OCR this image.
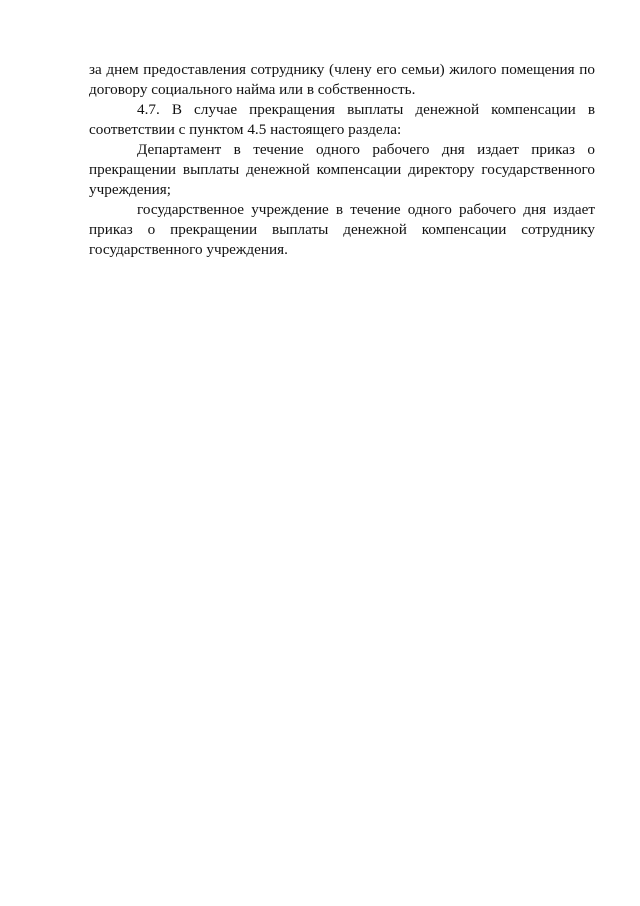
за днем предоставления сотруднику (члену его семьи) жилого помещения по договору социального найма или в собственность.

4.7. В случае прекращения выплаты денежной компенсации в соответствии с пунктом 4.5 настоящего раздела:

Департамент в течение одного рабочего дня издает приказ о прекращении выплаты денежной компенсации директору государственного учреждения;

государственное учреждение в течение одного рабочего дня издает приказ о прекращении выплаты денежной компенсации сотруднику государственного учреждения.
